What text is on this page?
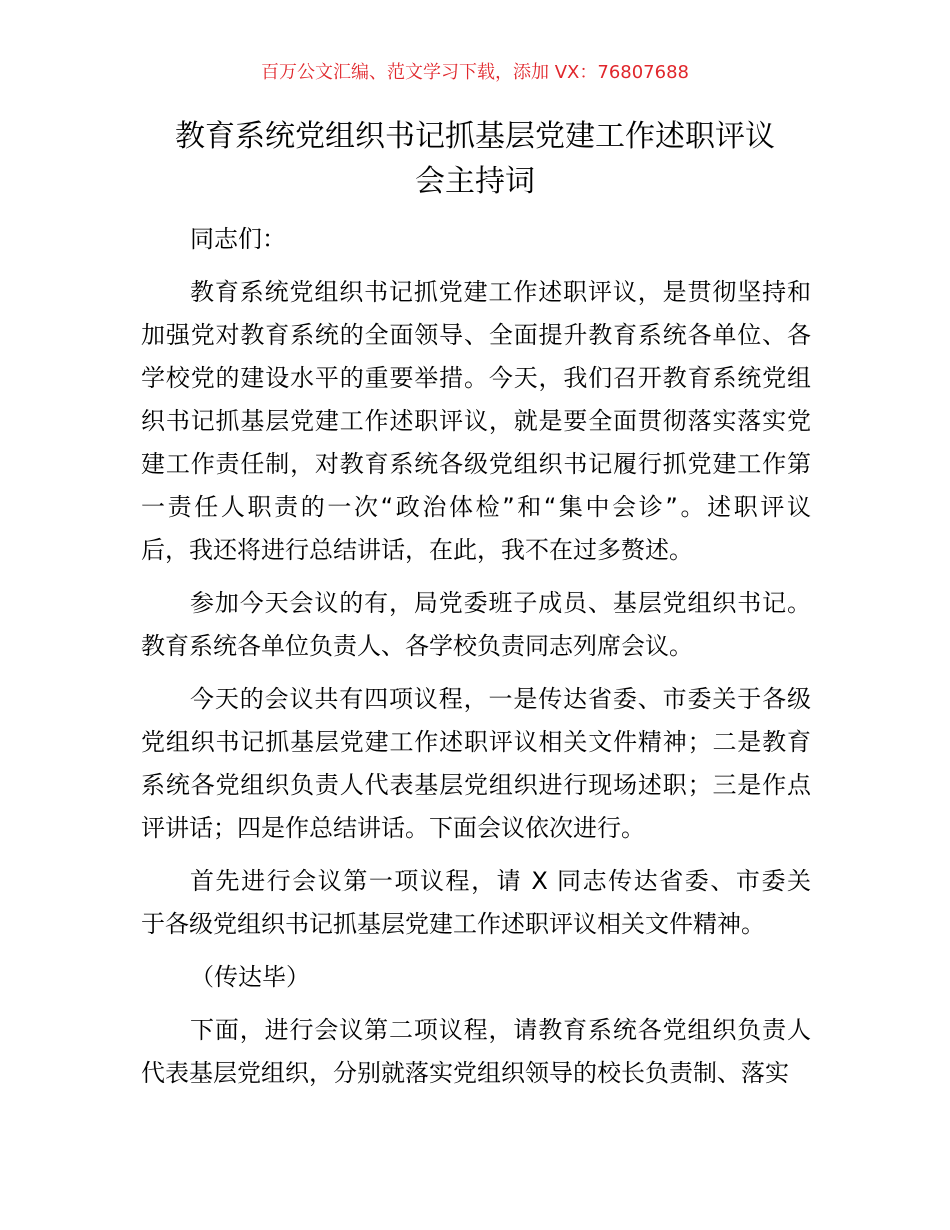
百万公文汇编、范文学习下载，添加 VX：76807688
教育系统党组织书记抓基层党建工作述职评议
会主持词
同志们：
教育系统党组织书记抓党建工作述职评议，是贯彻坚持和
加强党对教育系统的全面领导、全面提升教育系统各单位、各
学校党的建设水平的重要举措。今天，我们召开教育系统党组
织书记抓基层党建工作述职评议，就是要全面贯彻落实落实党
建工作责任制，对教育系统各级党组织书记履行抓党建工作第
一责任人职责的一次“政治体检”和“集中会诊”。述职评议
后，我还将进行总结讲话，在此，我不在过多赘述。
参加今天会议的有，局党委班子成员、基层党组织书记。
教育系统各单位负责人、各学校负责同志列席会议。
今天的会议共有四项议程，一是传达省委、市委关于各级
党组织书记抓基层党建工作述职评议相关文件精神；二是教育
系统各党组织负责人代表基层党组织进行现场述职；三是作点
评讲话；四是作总结讲话。下面会议依次进行。
首先进行会议第一项议程，请 X 同志传达省委、市委关
于各级党组织书记抓基层党建工作述职评议相关文件精神。
（传达毕）
下面，进行会议第二项议程，请教育系统各党组织负责人
代表基层党组织，分别就落实党组织领导的校长负责制、落实
